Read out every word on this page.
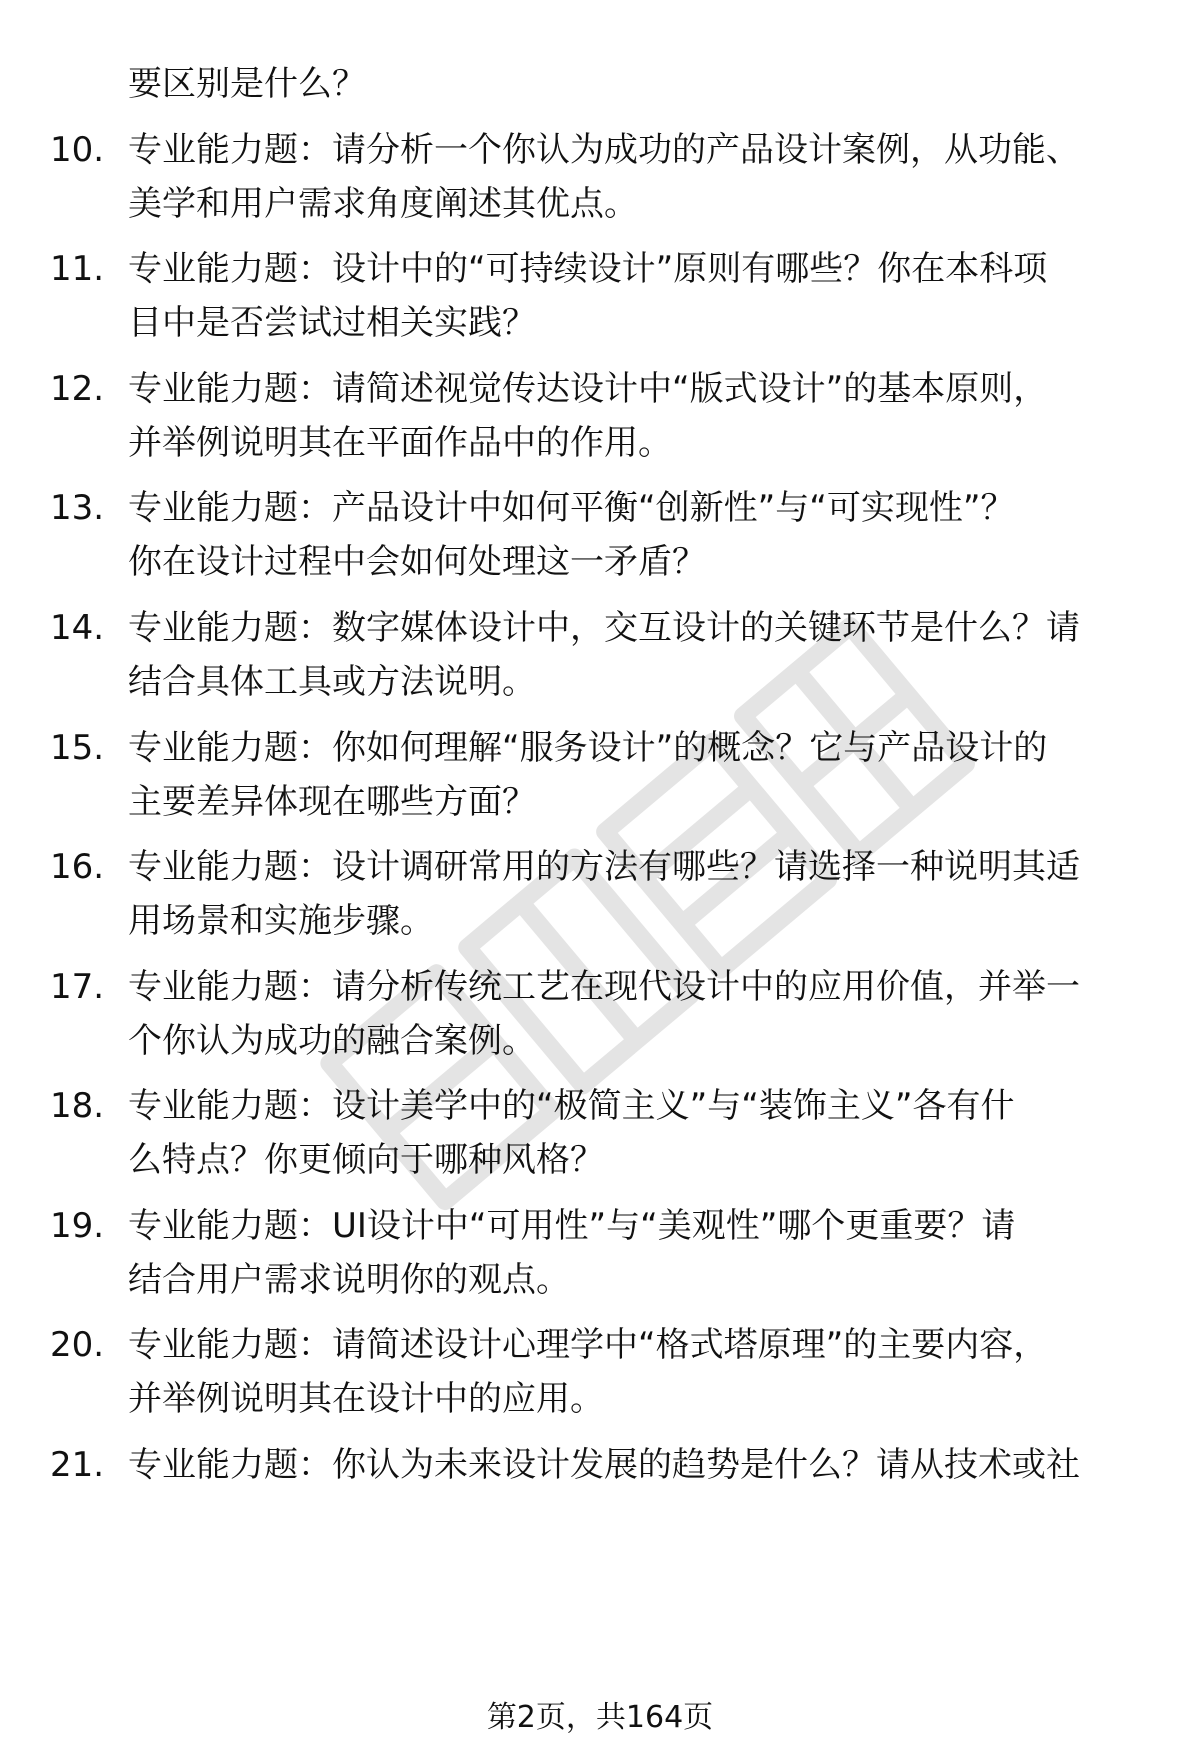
要区别是什么？
10. 专业能力题：请分析一个你认为成功的产品设计案例，从功能、
美学和用户需求角度阐述其优点。
11. 专业能力题：设计中的“可持续设计”原则有哪些？你在本科项
目中是否尝试过相关实践？
12. 专业能力题：请简述视觉传达设计中“版式设计”的基本原则，
并举例说明其在平面作品中的作用。
13. 专业能力题：产品设计中如何平衡“创新性”与“可实现性”？
你在设计过程中会如何处理这一矛盾？
14. 专业能力题：数字媒体设计中，交互设计的关键环节是什么？请
结合具体工具或方法说明。
15. 专业能力题：你如何理解“服务设计”的概念？它与产品设计的
主要差异体现在哪些方面？
16. 专业能力题：设计调研常用的方法有哪些？请选择一种说明其适
用场景和实施步骤。
17. 专业能力题：请分析传统工艺在现代设计中的应用价值，并举一
个你认为成功的融合案例。
18. 专业能力题：设计美学中的“极简主义”与“装饰主义”各有什
么特点？你更倾向于哪种风格？
19. 专业能力题：UI设计中“可用性”与“美观性”哪个更重要？请
结合用户需求说明你的观点。
20. 专业能力题：请简述设计心理学中“格式塔原理”的主要内容，
并举例说明其在设计中的应用。
21. 专业能力题：你认为未来设计发展的趋势是什么？请从技术或社
第2页，共164页
